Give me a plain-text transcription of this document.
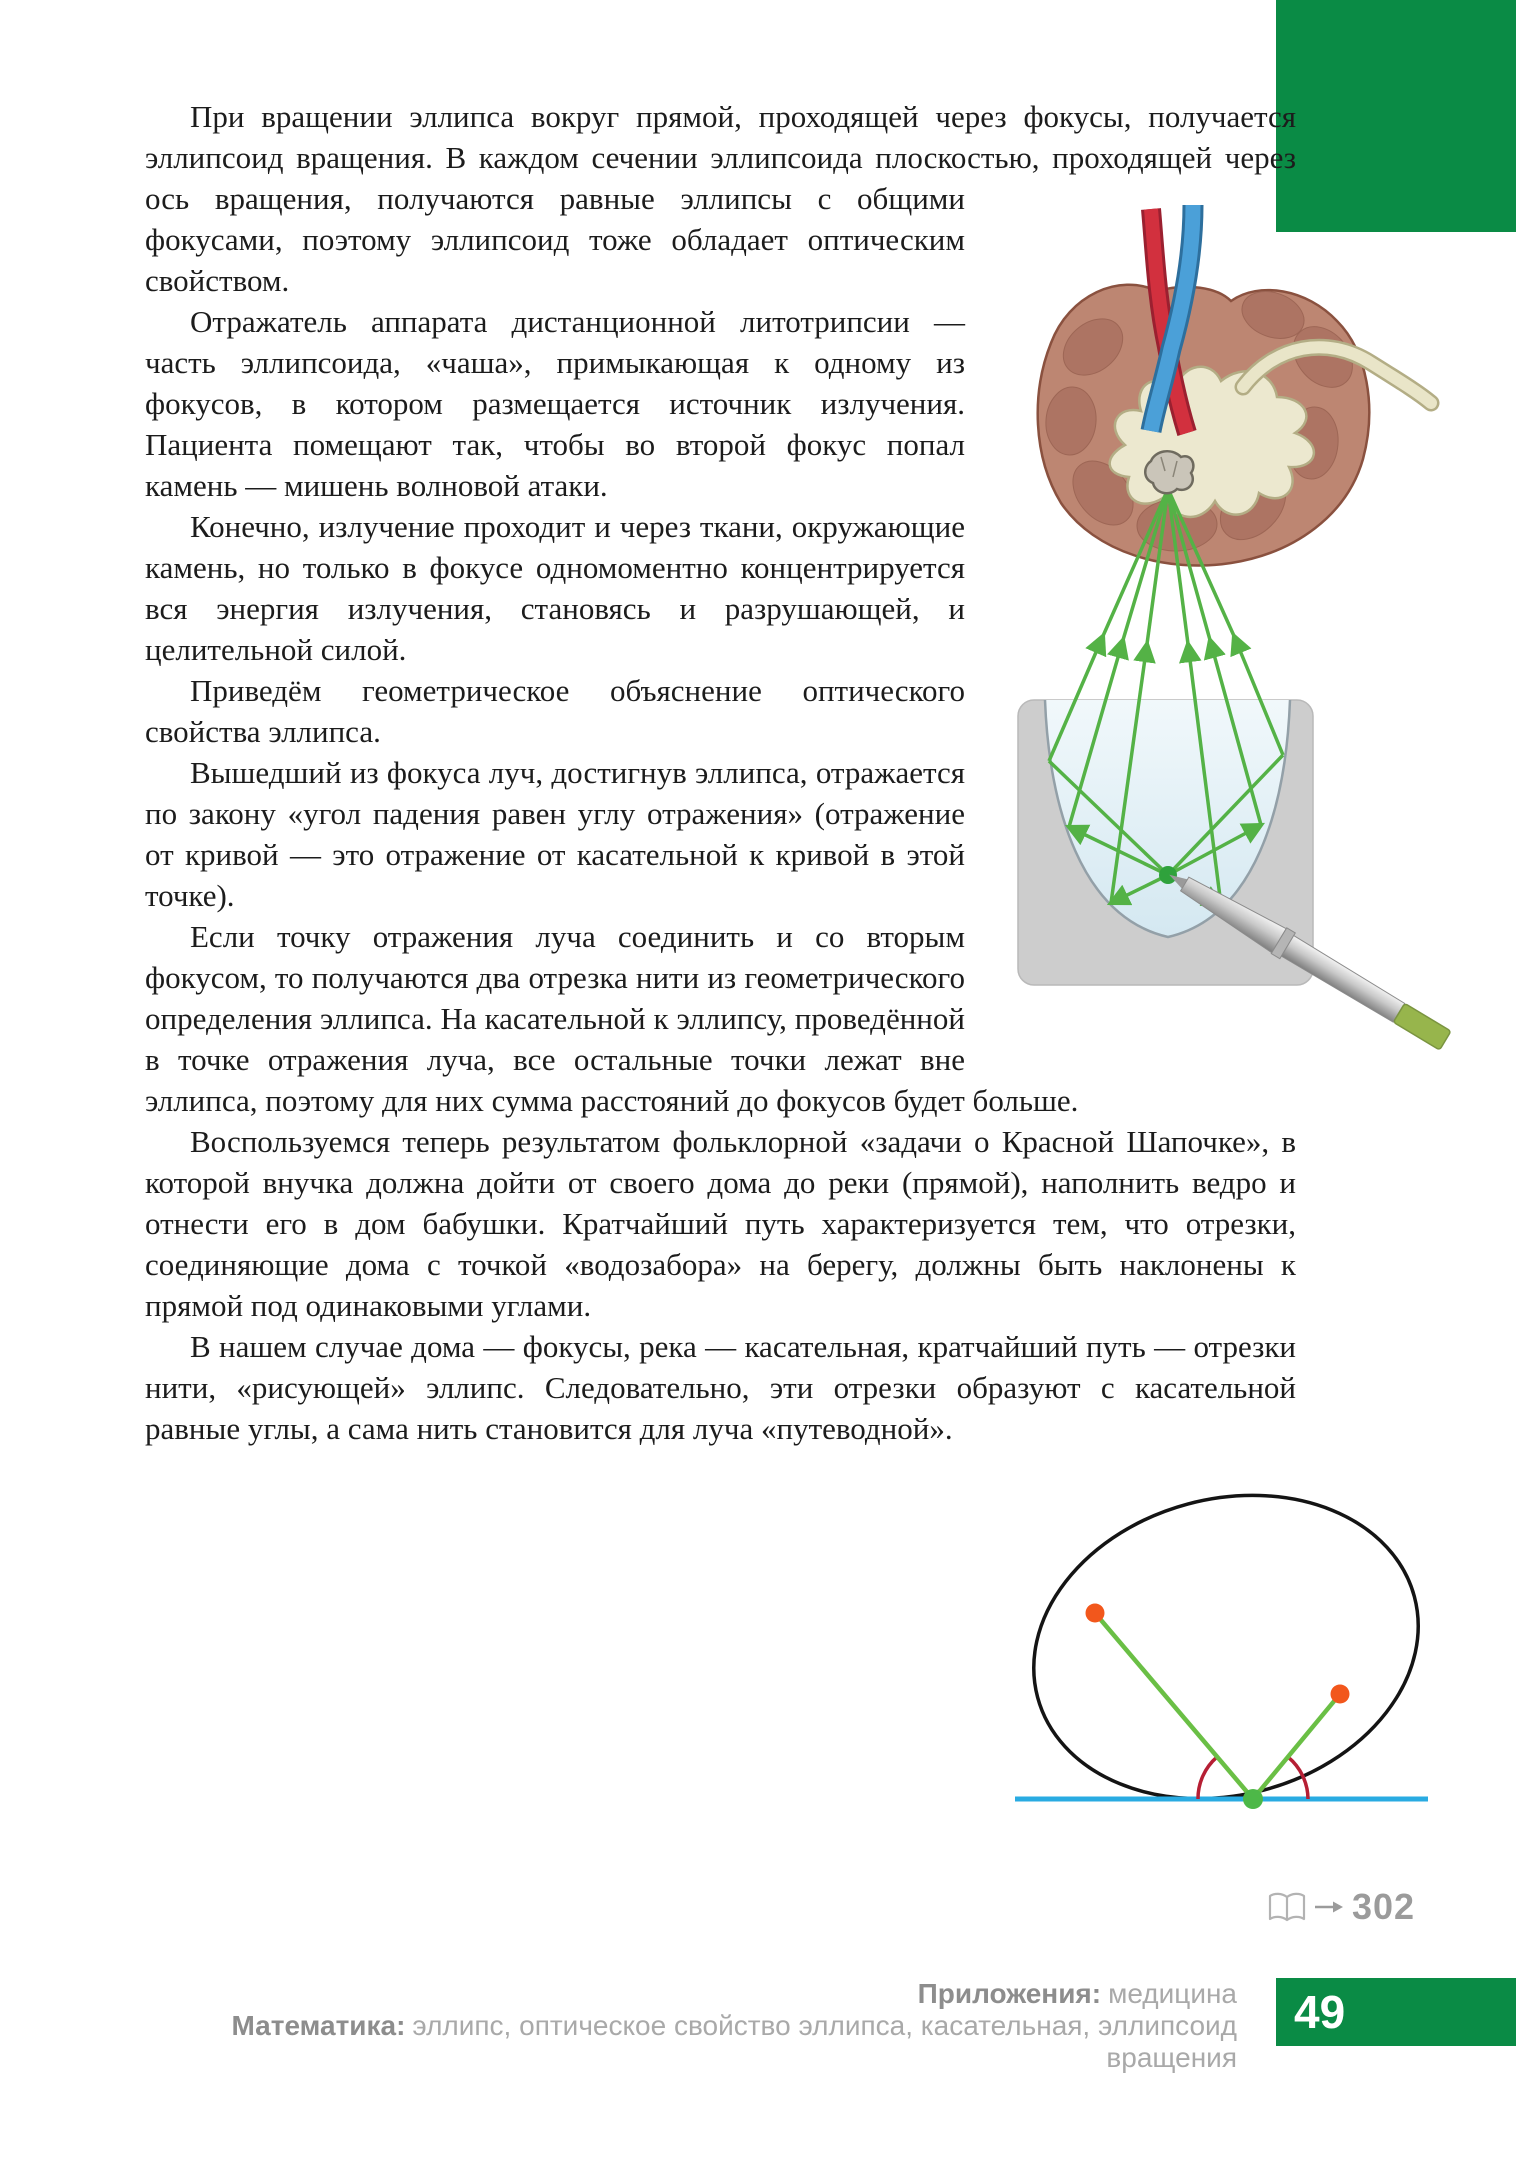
При вращении эллипса вокруг прямой, проходящей через фокусы, получается эллипсоид вращения. В каждом сечении эллипсоида плоскостью, проходящей через ось вращения, получаются равные эллипсы с общими фокусами, поэтому эллипсоид тоже обладает оптическим свойством.

Отражатель аппарата дистанционной литотрипсии — часть эллипсоида, «чаша», примыкающая к одному из фокусов, в котором размещается источник излучения. Пациента помещают так, чтобы во второй фокус попал камень — мишень волновой атаки.

Конечно, излучение проходит и через ткани, окружающие камень, но только в фокусе одномоментно концентрируется вся энергия излучения, становясь и разрушающей, и целительной силой.

Приведём геометрическое объяснение оптического свойства эллипса.

Вышедший из фокуса луч, достигнув эллипса, отражается по закону «угол падения равен углу отражения» (отражение от кривой — это отражение от касательной к кривой в этой точке).

Если точку отражения луча соединить и со вторым фокусом, то получаются два отрезка нити из геометрического определения эллипса. На касательной к эллипсу, проведённой в точке отражения луча, все остальные точки лежат вне эллипса, поэтому для них сумма расстояний до фокусов будет больше.

Воспользуемся теперь результатом фольклорной «задачи о Красной Шапочке», в которой внучка должна дойти от своего дома до реки (прямой), наполнить ведро и отнести его в дом бабушки. Кратчайший путь характеризуется тем, что отрезки, соединяющие дома с точкой «водозабора» на берегу, должны быть наклонены к прямой под одинаковыми углами.

В нашем случае дома — фокусы, река — касательная, кратчайший путь — отрезки нити, «рисующей» эллипс. Следовательно, эти отрезки образуют с касательной равные углы, а сама нить становится для луча «путеводной».

302
Приложения: медицина
Математика: эллипс, оптическое свойство эллипса, касательная, эллипсоид вращения
49
